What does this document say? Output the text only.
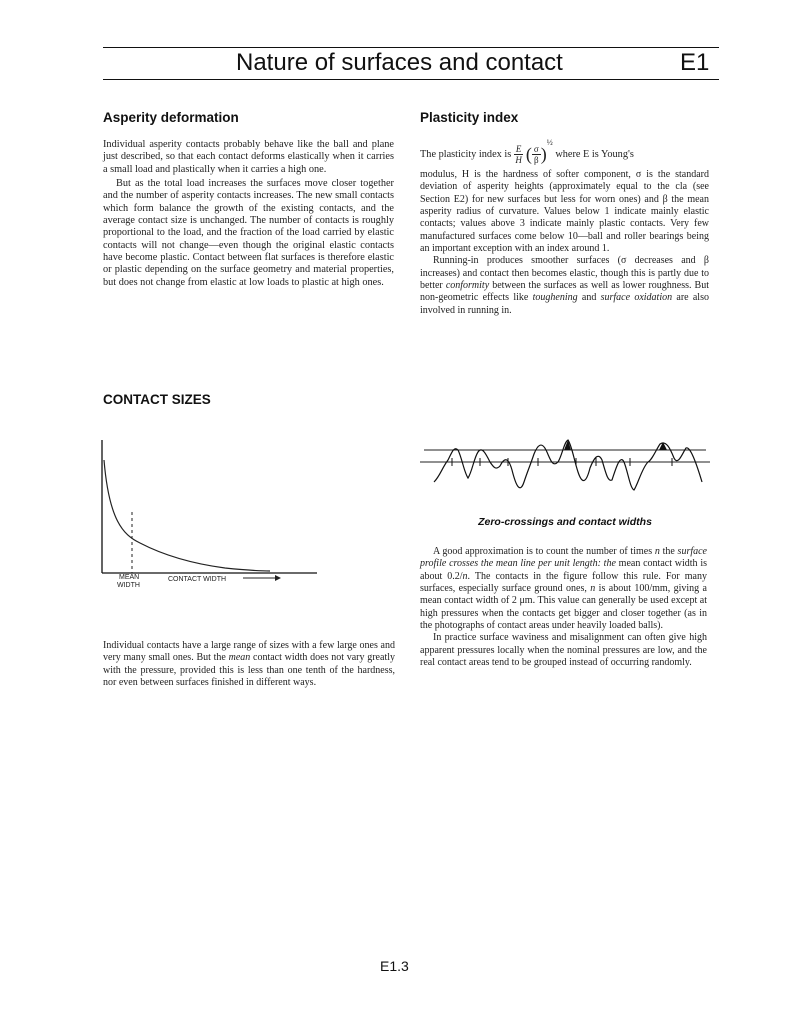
Nature of surfaces and contact	E1
Asperity deformation

Individual asperity contacts probably behave like the ball and plane just described, so that each contact deforms elastically when it carries a small load and plastically when it carries a high one.

But as the total load increases the surfaces move closer together and the number of asperity contacts increases. The new small contacts which form balance the growth of the existing contacts, and the average contact size is unchanged. The number of contacts is roughly proportional to the load, and the fraction of the load carried by elastic contacts will not change—even though the original elastic contacts have become plastic. Contact between flat surfaces is therefore elastic or plastic depending on the surface geometry and material properties, but does not change from elastic at low loads to plastic at high ones.

Plasticity index
The plasticity index is $\frac{E}{H}$ ( $\frac{\sigma}{\beta} )^{\frac{1}{2}}$ where E is Young's

modulus, H is the hardness of softer component, σ is the standard deviation of asperity heights (approximately equal to the cla (see Section E2) for new surfaces but less for worn ones) and β the mean asperity radius of curvature. Values below 1 indicate mainly elastic contacts; values above 3 indicate mainly plastic contacts. Very few manufactured surfaces come below 10—ball and roller bearings being an important exception with an index around 1.

Running-in produces smoother surfaces (σ decreases and β increases) and contact then becomes elastic, though this is partly due to better conformity between the surfaces as well as lower roughness. But non-geometric effects like toughening and surface oxidation are also involved in running in.

CONTACT SIZES
MEAN
WIDTH
CONTACT WIDTH

Individual contacts have a large range of sizes with a few large ones and very many small ones. But the mean contact width does not vary greatly with the pressure, provided this is less than one tenth of the hardness, nor even between surfaces finished in different ways.

Zero-crossings and contact widths

A good approximation is to count the number of times n the surface profile crosses the mean line per unit length: the mean contact width is about 0.2/n. The contacts in the figure follow this rule. For many surfaces, especially surface ground ones, n is about 100/mm, giving a mean contact width of 2 μm. This value can generally be used except at high pressures when the contacts get bigger and closer together (as in the photographs of contact areas under heavily loaded balls).

In practice surface waviness and misalignment can often give high apparent pressures locally when the nominal pressures are low, and the real contact areas tend to be grouped instead of occurring randomly.

E1.3
